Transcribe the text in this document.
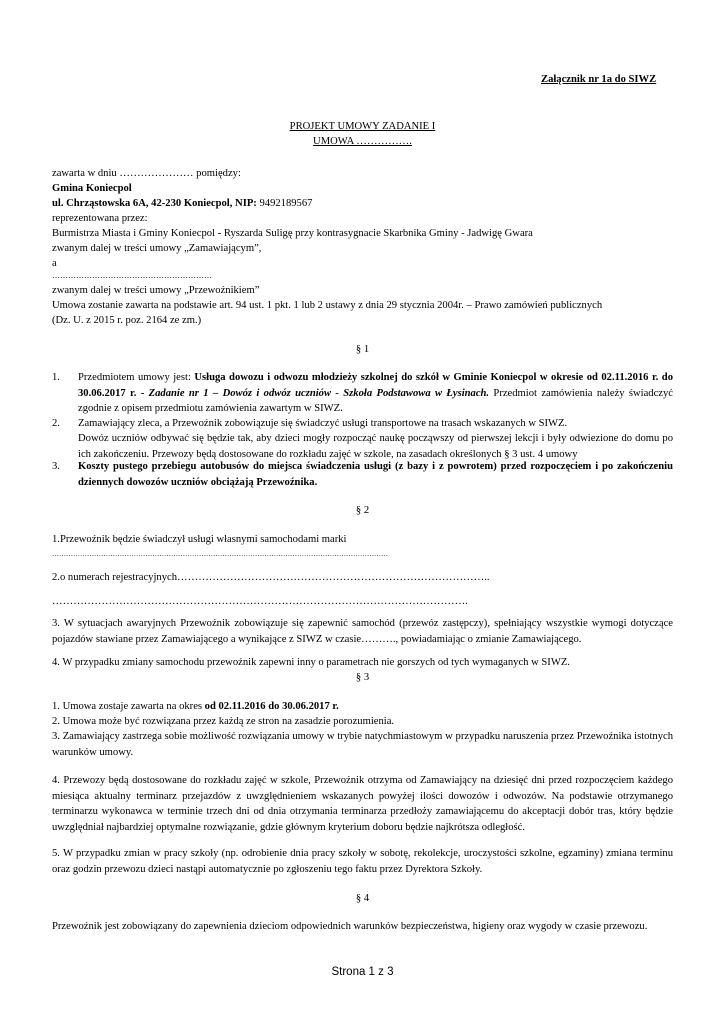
Załącznik nr 1a do SIWZ
PROJEKT UMOWY ZADANIE I
UMOWA …………….
zawarta w dniu ………………… pomiędzy:
Gmina Koniecpol
ul. Chrząstowska 6A, 42-230 Koniecpol, NIP: 9492189567
reprezentowana przez:
Burmistrza Miasta i Gminy Koniecpol - Ryszarda Suligę przy kontrasygnacie Skarbnika Gminy - Jadwigę Gwara
zwanym dalej w treści umowy „Zamawiającym”,
a
……………………………………………………
zwanym dalej w treści umowy „Przewoźnikiem”
Umowa zostanie zawarta na podstawie art. 94 ust. 1 pkt. 1 lub 2 ustawy z dnia 29 stycznia 2004r. – Prawo zamówień publicznych
(Dz. U. z 2015 r. poz. 2164 ze zm.)
§ 1
1. Przedmiotem umowy jest: Usługa dowozu i odwozu młodzieży szkolnej do szkół w Gminie Koniecpol w okresie od 02.11.2016 r. do 30.06.2017 r. - Zadanie nr 1 – Dowóz i odwóz uczniów - Szkoła Podstawowa w Łysinach. Przedmiot zamówienia należy świadczyć zgodnie z opisem przedmiotu zamówienia zawartym w SIWZ.
2. Zamawiający zleca, a Przewoźnik zobowiązuje się świadczyć usługi transportowe na trasach wskazanych w SIWZ.
Dowóz uczniów odbywać się będzie tak, aby dzieci mogły rozpocząć naukę począwszy od pierwszej lekcji i były odwiezione do domu po ich zakończeniu. Przewozy będą dostosowane do rozkładu zajęć w szkole, na zasadach określonych § 3 ust. 4 umowy
3. Koszty pustego przebiegu autobusów do miejsca świadczenia usługi (z bazy i z powrotem) przed rozpoczęciem i po zakończeniu dziennych dowozów uczniów obciążają Przewoźnika.
§ 2
1.Przewoźnik będzie świadczył usługi własnymi samochodami marki
………………………………………………………………………………………………………………………………
2.o numerach rejestracyjnych……………………………………………………………………………..
……………………………………………………………………………………………………….
3. W sytuacjach awaryjnych Przewoźnik zobowiązuje się zapewnić samochód (przewóz zastępczy), spełniający wszystkie wymogi dotyczące pojazdów stawiane przez Zamawiającego a wynikające z SIWZ w czasie………., powiadamiając o zmianie Zamawiającego.
4. W przypadku zmiany samochodu przewoźnik zapewni inny o parametrach nie gorszych od tych wymaganych w SIWZ.
§ 3
1. Umowa zostaje zawarta na okres od 02.11.2016 do 30.06.2017 r.
2. Umowa może być rozwiązana przez każdą ze stron na zasadzie porozumienia.
3. Zamawiający zastrzega sobie możliwość rozwiązania umowy w trybie natychmiastowym w przypadku naruszenia przez Przewoźnika istotnych warunków umowy.
4. Przewozy będą dostosowane do rozkładu zajęć w szkole, Przewoźnik otrzyma od Zamawiający na dziesięć dni przed rozpoczęciem każdego miesiąca aktualny terminarz przejazdów z uwzględnieniem wskazanych powyżej ilości dowozów i odwozów. Na podstawie otrzymanego terminarzu wykonawca w terminie trzech dni od dnia otrzymania terminarza przedłoży zamawiającemu do akceptacji dobór tras, który będzie uwzględniał najbardziej optymalne rozwiązanie, gdzie głównym kryterium doboru będzie najkrótsza odległość.
5. W przypadku zmian w pracy szkoły (np. odrobienie dnia pracy szkoły w sobotę, rekolekcje, uroczystości szkolne, egzaminy) zmiana terminu oraz godzin przewozu dzieci nastąpi automatycznie po zgłoszeniu tego faktu przez Dyrektora Szkoły.
§ 4
Przewoźnik jest zobowiązany do zapewnienia dzieciom odpowiednich warunków bezpieczeństwa, higieny oraz wygody w czasie przewozu.
Strona 1 z 3
